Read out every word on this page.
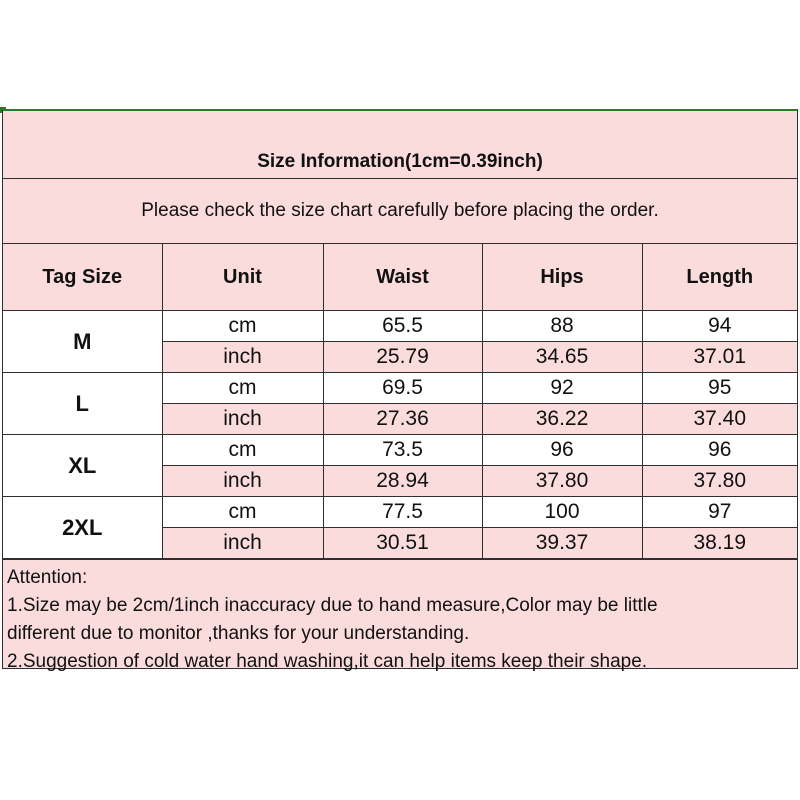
Size Information(1cm=0.39inch)
Please check the size chart carefully before placing the order.
Tag Size	Unit	Waist	Hips	Length
M	cm	65.5	88	94
	inch	25.79	34.65	37.01
L	cm	69.5	92	95
	inch	27.36	36.22	37.40
XL	cm	73.5	96	96
	inch	28.94	37.80	37.80
2XL	cm	77.5	100	97
	inch	30.51	39.37	38.19
Attention:
1.Size may be 2cm/1inch inaccuracy due to hand measure,Color may be little
different due to monitor ,thanks for your understanding.
2.Suggestion of cold water hand washing,it can help items keep their shape.
